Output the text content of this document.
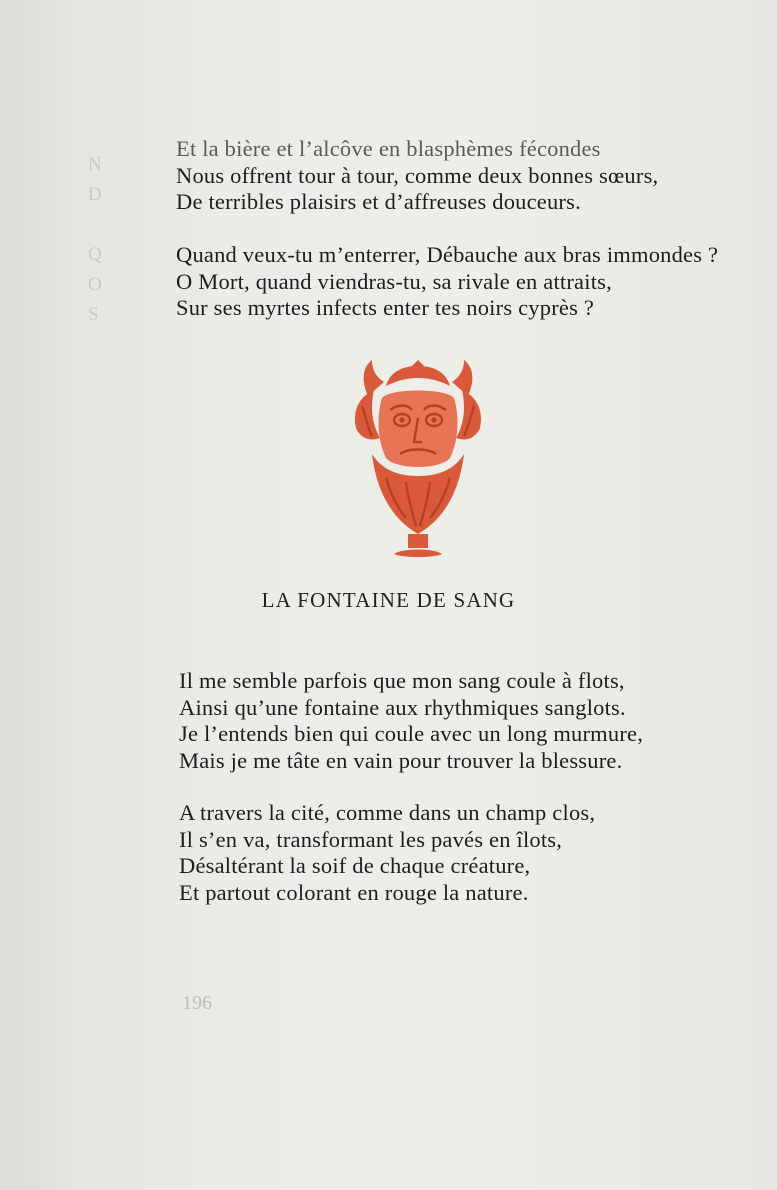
N
D

Q
O
S
Et la bière et l’alcôve en blasphèmes fécondes
Nous offrent tour à tour, comme deux bonnes sœurs,
De terribles plaisirs et d’affreuses douceurs.
Quand veux-tu m’enterrer, Débauche aux bras immondes ?
O Mort, quand viendras-tu, sa rivale en attraits,
Sur ses myrtes infects enter tes noirs cyprès ?
LA FONTAINE DE SANG
Il me semble parfois que mon sang coule à flots,
Ainsi qu’une fontaine aux rhythmiques sanglots.
Je l’entends bien qui coule avec un long murmure,
Mais je me tâte en vain pour trouver la blessure.
A travers la cité, comme dans un champ clos,
Il s’en va, transformant les pavés en îlots,
Désaltérant la soif de chaque créature,
Et partout colorant en rouge la nature.
196
